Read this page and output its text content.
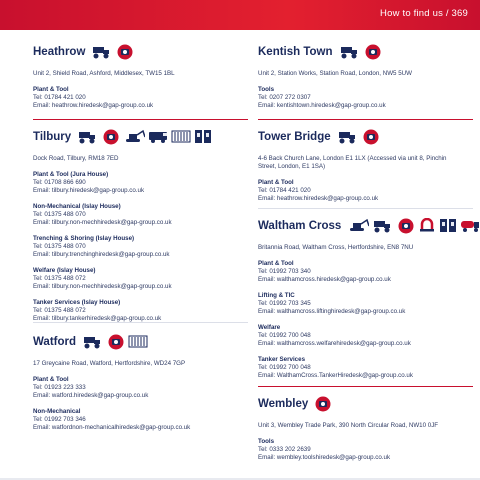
How to find us / 369
Heathrow
Unit 2, Shield Road, Ashford, Middlesex, TW15 1BL
Plant & Tool
Tel: 01784 421 020
Email: heathrow.hiredesk@gap-group.co.uk
Tilbury
Dock Road, Tilbury, RM18 7ED
Plant & Tool (Jura House)
Tel: 01708 866 690
Email: tilbury.hiredesk@gap-group.co.uk
Non-Mechanical (Islay House)
Tel: 01375 488 070
Email: tilbury.non-mechhiredesk@gap-group.co.uk
Trenching & Shoring (Islay House)
Tel: 01375 488 070
Email: tilbury.trenchinghiredesk@gap-group.co.uk
Welfare (Islay House)
Tel: 01375 488 072
Email: tilbury.non-mechhiredesk@gap-group.co.uk
Tanker Services (Islay House)
Tel: 01375 488 072
Email: tilbury.tankerhiredesk@gap-group.co.uk
Watford
17 Greycaine Road, Watford, Hertfordshire, WD24 7GP
Plant & Tool
Tel: 01923 223 333
Email: watford.hiredesk@gap-group.co.uk
Non-Mechanical
Tel: 01992 703 346
Email: watfordnon-mechanicalhiredesk@gap-group.co.uk
Kentish Town
Unit 2, Station Works, Station Road, London, NW5 5UW
Tools
Tel: 0207 272 0307
Email: kentishtown.hiredesk@gap-group.co.uk
Tower Bridge
4-6 Back Church Lane, London E1 1LX (Accessed via unit 8, Pinchin Street, London, E1 1SA)
Plant & Tool
Tel: 01784 421 020
Email: heathrow.hiredesk@gap-group.co.uk
Waltham Cross
Britannia Road, Waltham Cross, Hertfordshire, EN8 7NU
Plant & Tool
Tel: 01992 703 340
Email: walthamcross.hiredesk@gap-group.co.uk
Lifting & TIC
Tel: 01992 703 345
Email: walthamcross.liftinghiredesk@gap-group.co.uk
Welfare
Tel: 01992 700 048
Email: walthamcross.welfarehiredesk@gap-group.co.uk
Tanker Services
Tel: 01992 700 048
Email: WalthamCross.TankerHiredesk@gap-group.co.uk
Wembley
Unit 3, Wembley Trade Park, 390 North Circular Road, NW10 0JF
Tools
Tel: 0333 202 2639
Email: wembley.toolshiredesk@gap-group.co.uk
